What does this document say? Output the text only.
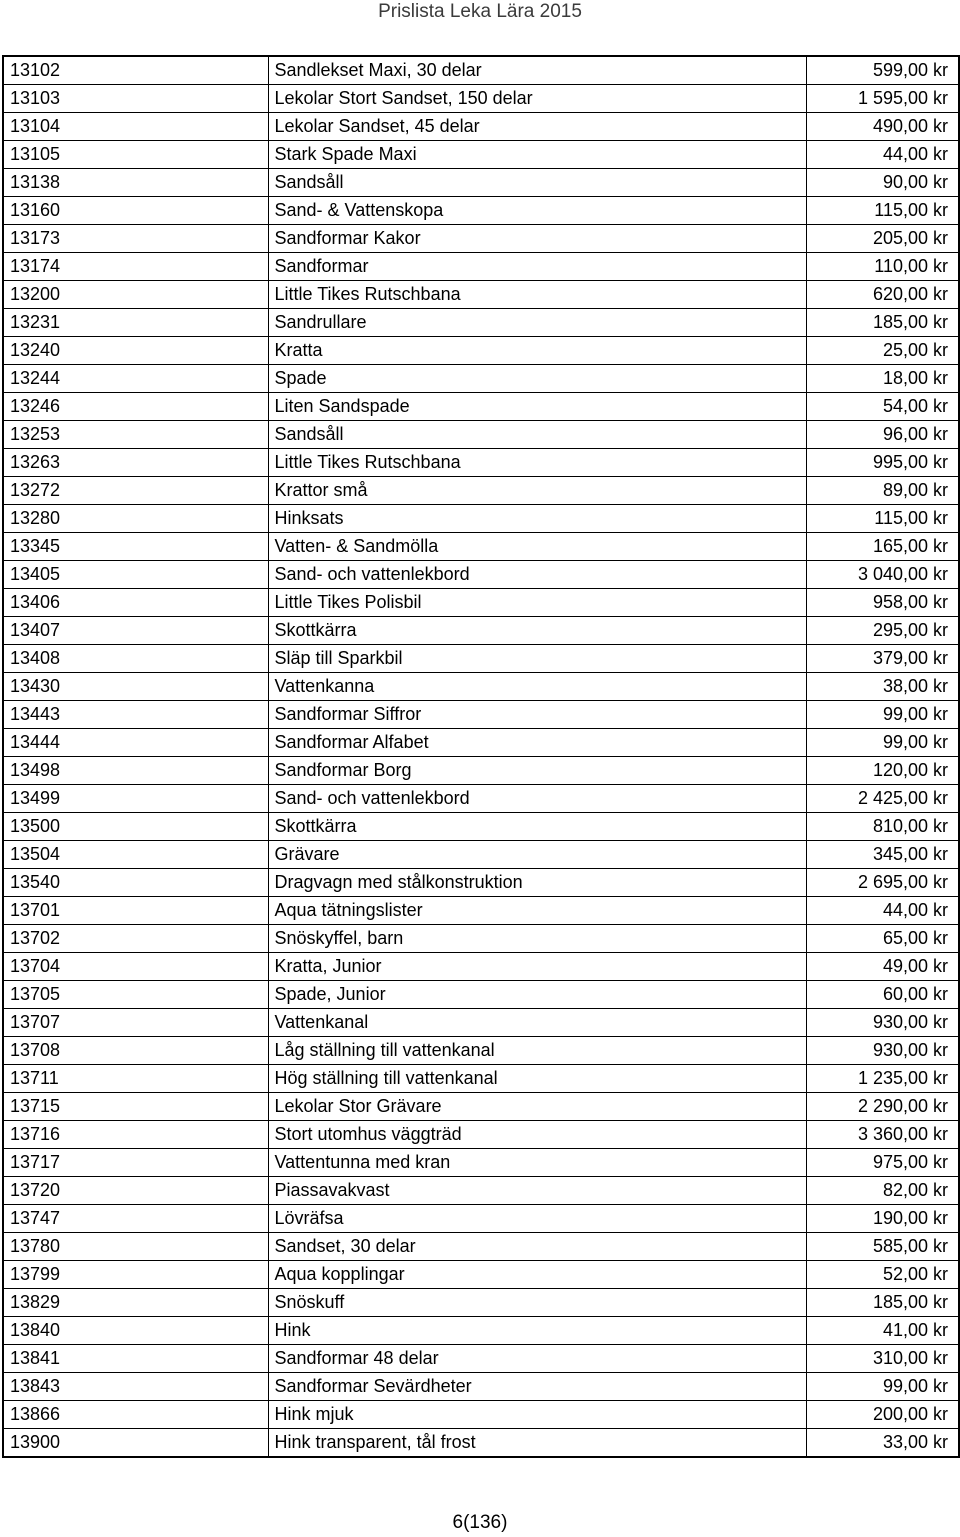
Prislista Leka Lära 2015
13102	Sandlekset Maxi, 30 delar	599,00 kr
13103	Lekolar Stort Sandset, 150 delar	1 595,00 kr
13104	Lekolar Sandset, 45 delar	490,00 kr
13105	Stark Spade Maxi	44,00 kr
13138	Sandsåll	90,00 kr
13160	Sand- & Vattenskopa	115,00 kr
13173	Sandformar Kakor	205,00 kr
13174	Sandformar	110,00 kr
13200	Little Tikes Rutschbana	620,00 kr
13231	Sandrullare	185,00 kr
13240	Kratta	25,00 kr
13244	Spade	18,00 kr
13246	Liten Sandspade	54,00 kr
13253	Sandsåll	96,00 kr
13263	Little Tikes Rutschbana	995,00 kr
13272	Krattor små	89,00 kr
13280	Hinksats	115,00 kr
13345	Vatten- & Sandmölla	165,00 kr
13405	Sand- och vattenlekbord	3 040,00 kr
13406	Little Tikes Polisbil	958,00 kr
13407	Skottkärra	295,00 kr
13408	Släp till Sparkbil	379,00 kr
13430	Vattenkanna	38,00 kr
13443	Sandformar Siffror	99,00 kr
13444	Sandformar Alfabet	99,00 kr
13498	Sandformar Borg	120,00 kr
13499	Sand- och vattenlekbord	2 425,00 kr
13500	Skottkärra	810,00 kr
13504	Grävare	345,00 kr
13540	Dragvagn med stålkonstruktion	2 695,00 kr
13701	Aqua tätningslister	44,00 kr
13702	Snöskyffel, barn	65,00 kr
13704	Kratta, Junior	49,00 kr
13705	Spade, Junior	60,00 kr
13707	Vattenkanal	930,00 kr
13708	Låg ställning till vattenkanal	930,00 kr
13711	Hög ställning till vattenkanal	1 235,00 kr
13715	Lekolar Stor Grävare	2 290,00 kr
13716	Stort utomhus väggträd	3 360,00 kr
13717	Vattentunna med kran	975,00 kr
13720	Piassavakvast	82,00 kr
13747	Lövräfsa	190,00 kr
13780	Sandset, 30 delar	585,00 kr
13799	Aqua kopplingar	52,00 kr
13829	Snöskuff	185,00 kr
13840	Hink	41,00 kr
13841	Sandformar 48 delar	310,00 kr
13843	Sandformar Sevärdheter	99,00 kr
13866	Hink mjuk	200,00 kr
13900	Hink transparent, tål frost	33,00 kr
6(136)
